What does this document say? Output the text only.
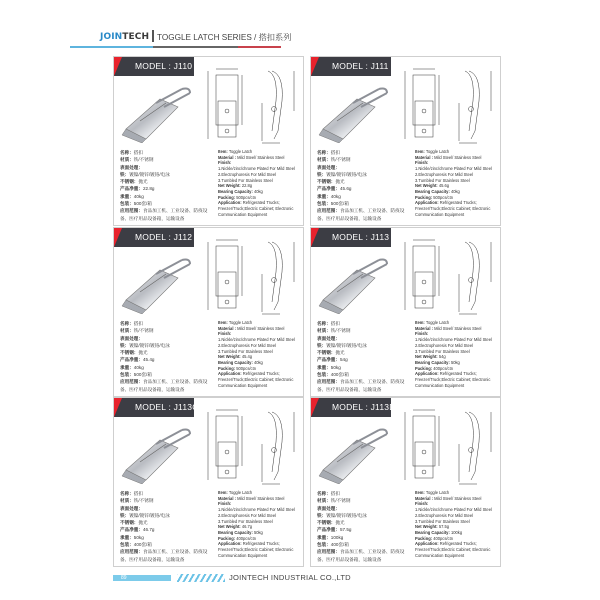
JOINTECH TOGGLE LATCH SERIES / 搭扣系列
MODEL : J110
名称：搭扣
材质：铁/不锈钢
表面处理：
铁：镀镍/镀锌/镀铬/电泳
不锈钢：抛光
产品净重：22.8g
承重：40kg
包装：500套/箱
应用范围：食品加工机、工业设备、防疫设备、医疗用品设备箱，运输设备
Item: Toggle Latch
Material : Mild Steel/ Stainless Steel
Finish:
1.Nickle/zinc/chrome Plated For Mild Steel
2.Electrophoresis For Mild Steel
3.Tumbled For Stainless Steel
Net Weight: 22.8g
Bearing Capacity: 40kg
Packing: 500pcs/ctn
Application: Refrigerated Trucks; Freezer/Truck;Electric Cabinet; Electronic Communication Equipment
MODEL : J111
名称：搭扣
材质：铁/不锈钢
表面处理：
铁：镀镍/镀锌/镀铬/电泳
不锈钢：抛光
产品净重：45.6g
承重：40kg
包装：500套/箱
应用范围：食品加工机、工业设备、防疫设备、医疗用品设备箱，运输设备
Item: Toggle Latch
Material : Mild Steel/ Stainless Steel
Finish:
1.Nickle/zinc/chrome Plated For Mild Steel
2.Electrophoresis For Mild Steel
3.Tumbled For Stainless Steel
Net Weight: 45.6g
Bearing Capacity: 40kg
Packing: 500pcs/ctn
Application: Refrigerated Trucks; Freezer/Truck;Electric Cabinet; Electronic Communication Equipment
MODEL : J112
名称：搭扣
材质：铁/不锈钢
表面处理：
铁：镀镍/镀锌/镀铬/电泳
不锈钢：抛光
产品净重：45.4g
承重：40kg
包装：500套/箱
应用范围：食品加工机、工业设备、防疫设备、医疗用品设备箱，运输设备
Item: Toggle Latch
Material : Mild Steel/ Stainless Steel
Finish:
1.Nickle/zinc/chrome Plated For Mild Steel
2.Electrophoresis For Mild Steel
3.Tumbled For Stainless Steel
Net Weight: 45.4g
Bearing Capacity: 40kg
Packing: 500pcs/ctn
Application: Refrigerated Trucks; Freezer/Truck;Electric Cabinet; Electronic Communication Equipment
MODEL : J113
名称：搭扣
材质：铁/不锈钢
表面处理：
铁：镀镍/镀锌/镀铬/电泳
不锈钢：抛光
产品净重：54g
承重：50kg
包装：400套/箱
应用范围：食品加工机、工业设备、防疫设备、医疗用品设备箱，运输设备
Item: Toggle Latch
Material : Mild Steel/ Stainless Steel
Finish:
1.Nickle/zinc/chrome Plated For Mild Steel
2.Electrophoresis For Mild Steel
3.Tumbled For Stainless Steel
Net Weight: 54g
Bearing Capacity: 50kg
Packing: 400pcs/ctn
Application: Refrigerated Trucks; Freezer/Truck;Electric Cabinet; Electronic Communication Equipment
MODEL : J113C
名称：搭扣
材质：铁/不锈钢
表面处理：
铁：镀镍/镀锌/镀铬/电泳
不锈钢：抛光
产品净重：46.7g
承重：50kg
包装：400套/箱
应用范围：食品加工机、工业设备、防疫设备、医疗用品设备箱，运输设备
Item: Toggle Latch
Material : Mild Steel/ Stainless Steel
Finish:
1.Nickle/zinc/chrome Plated For Mild Steel
2.Electrophoresis For Mild Steel
3.Tumbled For Stainless Steel
Net Weight: 46.7g
Bearing Capacity: 50kg
Packing: 400pcs/ctn
Application: Refrigerated Trucks; Freezer/Truck;Electric Cabinet; Electronic Communication Equipment
MODEL : J113D
名称：搭扣
材质：铁/不锈钢
表面处理：
铁：镀镍/镀锌/镀铬/电泳
不锈钢：抛光
产品净重：57.5g
承重：100kg
包装：400套/箱
应用范围：食品加工机、工业设备、防疫设备、医疗用品设备箱，运输设备
Item: Toggle Latch
Material : Mild Steel/ Stainless Steel
Finish:
1.Nickle/zinc/chrome Plated For Mild Steel
2.Electrophoresis For Mild Steel
3.Tumbled For Stainless Steel
Net Weight: 57.5g
Bearing Capacity: 100kg
Packing: 400pcs/ctn
Application: Refrigerated Trucks; Freezer/Truck;Electric Cabinet; Electronic Communication Equipment
89	JOINTECH INDUSTRIAL CO.,LTD
